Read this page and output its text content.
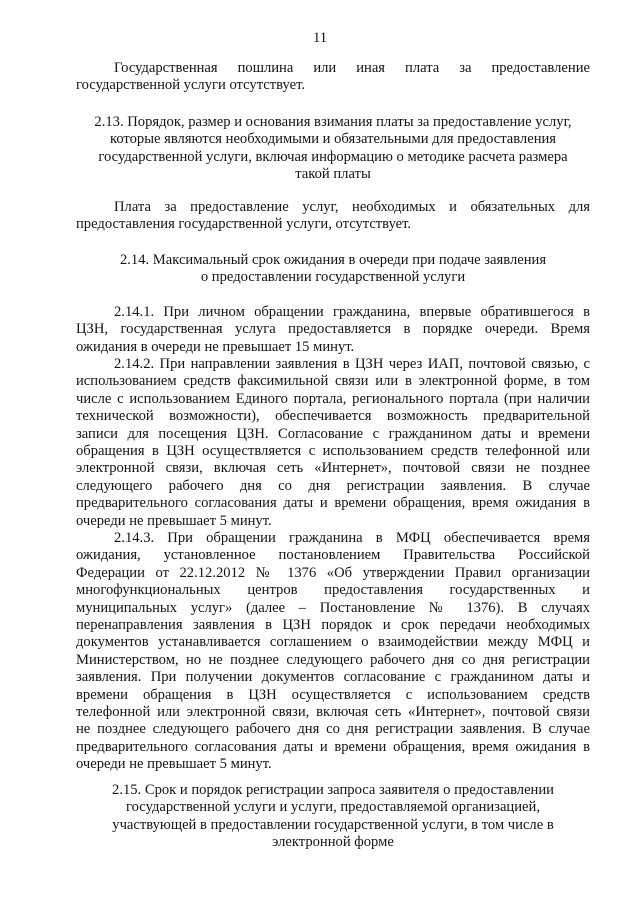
11
Государственная пошлина или иная плата за предоставление
государственной услуги отсутствует.
2.13. Порядок, размер и основания взимания платы за предоставление услуг,
которые являются необходимыми и обязательными для предоставления
государственной услуги, включая информацию о методике расчета размера
такой платы
Плата за предоставление услуг, необходимых и обязательных для
предоставления государственной услуги, отсутствует.
2.14. Максимальный срок ожидания в очереди при подаче заявления
о предоставлении государственной услуги
2.14.1. При личном обращении гражданина, впервые обратившегося в
ЦЗН, государственная услуга предоставляется в порядке очереди. Время
ожидания в очереди не превышает 15 минут.
2.14.2. При направлении заявления в ЦЗН через ИАП, почтовой связью, с
использованием средств факсимильной связи или в электронной форме, в том
числе с использованием Единого портала, регионального портала (при наличии
технической возможности), обеспечивается возможность предварительной
записи для посещения ЦЗН. Согласование с гражданином даты и времени
обращения в ЦЗН осуществляется с использованием средств телефонной или
электронной связи, включая сеть «Интернет», почтовой связи не позднее
следующего рабочего дня со дня регистрации заявления. В случае
предварительного согласования даты и времени обращения, время ожидания в
очереди не превышает 5 минут.
2.14.3. При обращении гражданина в МФЦ обеспечивается время
ожидания, установленное постановлением Правительства Российской
Федерации от 22.12.2012 № 1376 «Об утверждении Правил организации
многофункциональных центров предоставления государственных и
муниципальных услуг» (далее – Постановление № 1376). В случаях
перенаправления заявления в ЦЗН порядок и срок передачи необходимых
документов устанавливается соглашением о взаимодействии между МФЦ и
Министерством, но не позднее следующего рабочего дня со дня регистрации
заявления. При получении документов согласование с гражданином даты и
времени обращения в ЦЗН осуществляется с использованием средств
телефонной или электронной связи, включая сеть «Интернет», почтовой связи
не позднее следующего рабочего дня со дня регистрации заявления. В случае
предварительного согласования даты и времени обращения, время ожидания в
очереди не превышает 5 минут.
2.15. Срок и порядок регистрации запроса заявителя о предоставлении
государственной услуги и услуги, предоставляемой организацией,
участвующей в предоставлении государственной услуги, в том числе в
электронной форме
